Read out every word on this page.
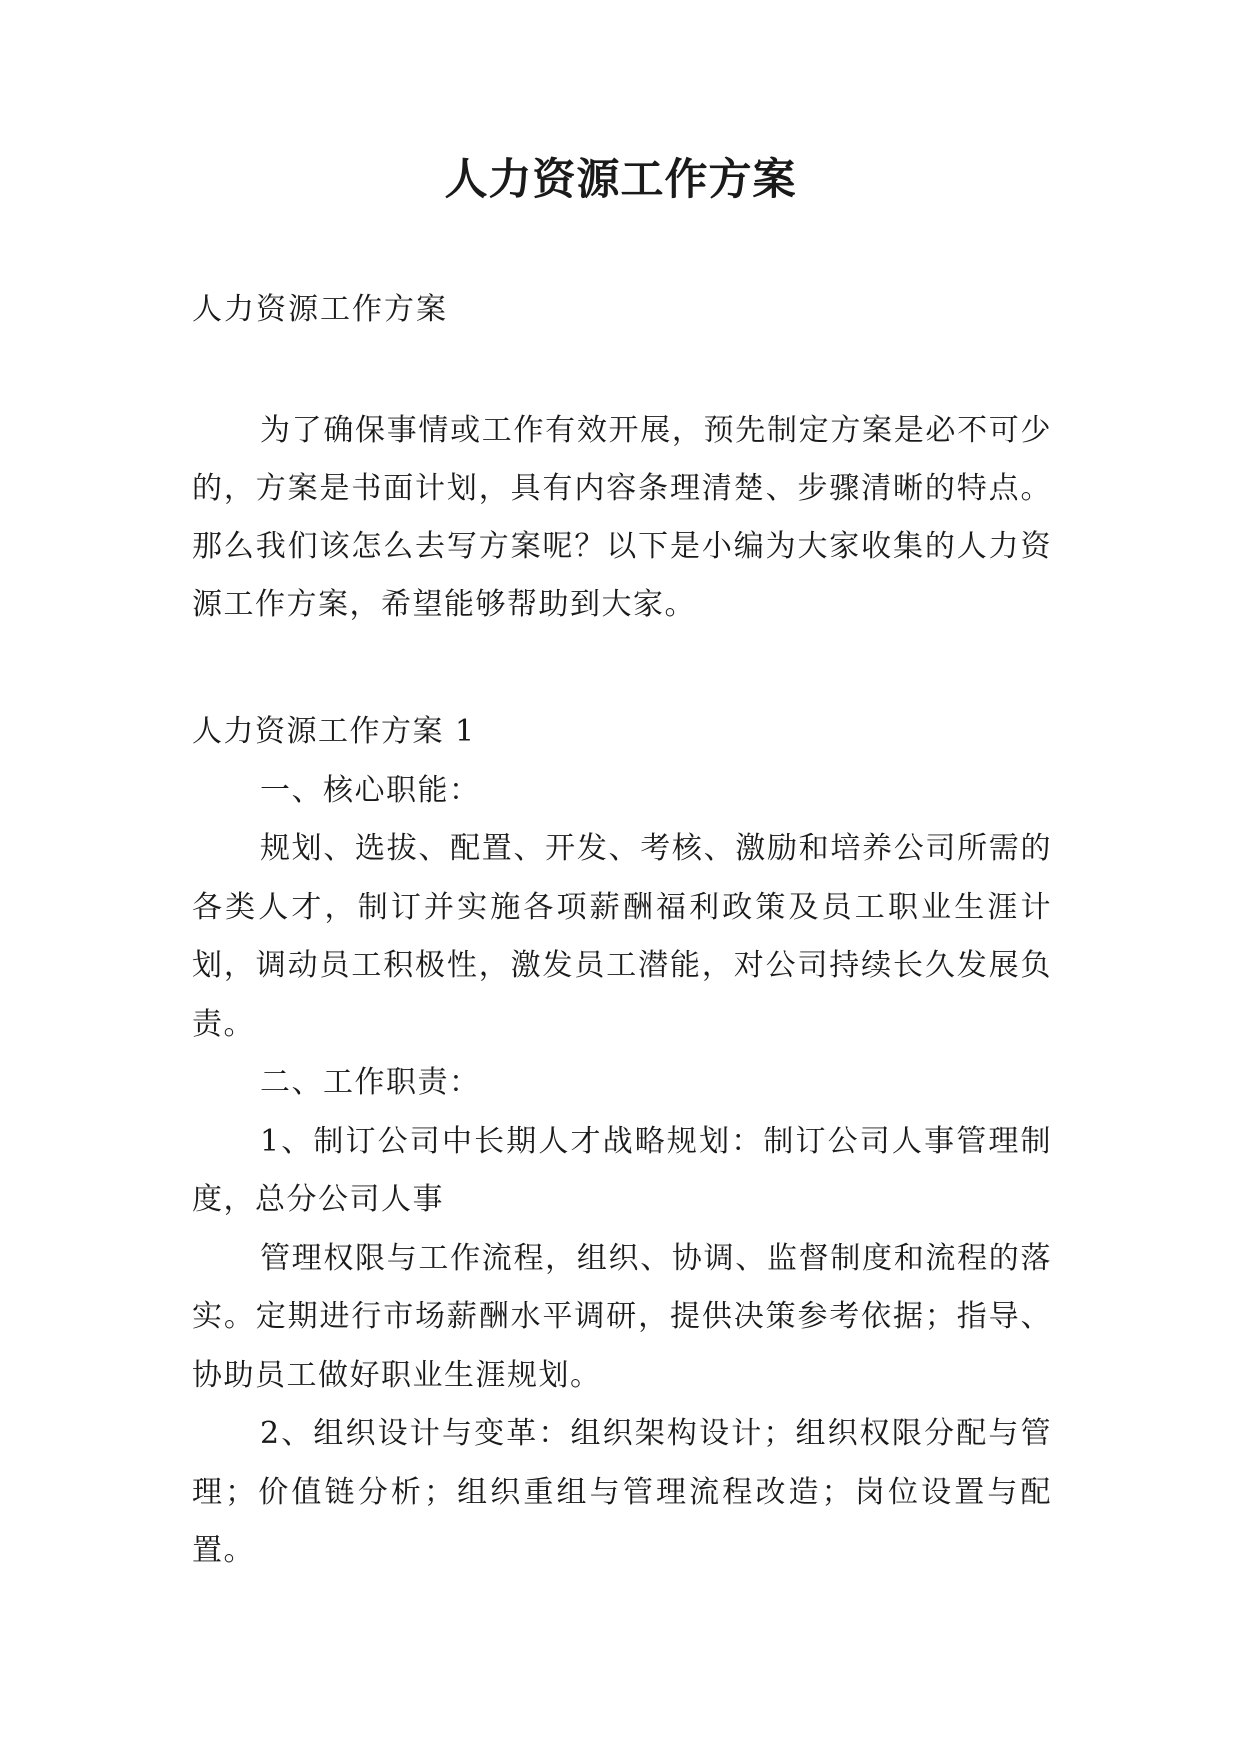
人力资源工作方案
人力资源工作方案

为了确保事情或工作有效开展，预先制定方案是必不可少的，方案是书面计划，具有内容条理清楚、步骤清晰的特点。那么我们该怎么去写方案呢？以下是小编为大家收集的人力资源工作方案，希望能够帮助到大家。

人力资源工作方案 1

一、核心职能：

规划、选拔、配置、开发、考核、激励和培养公司所需的各类人才，制订并实施各项薪酬福利政策及员工职业生涯计划，调动员工积极性，激发员工潜能，对公司持续长久发展负责。

二、工作职责：

1、制订公司中长期人才战略规划：制订公司人事管理制度，总分公司人事

管理权限与工作流程，组织、协调、监督制度和流程的落实。定期进行市场薪酬水平调研，提供决策参考依据；指导、协助员工做好职业生涯规划。

2、组织设计与变革：组织架构设计；组织权限分配与管理；价值链分析；组织重组与管理流程改造；岗位设置与配置。
